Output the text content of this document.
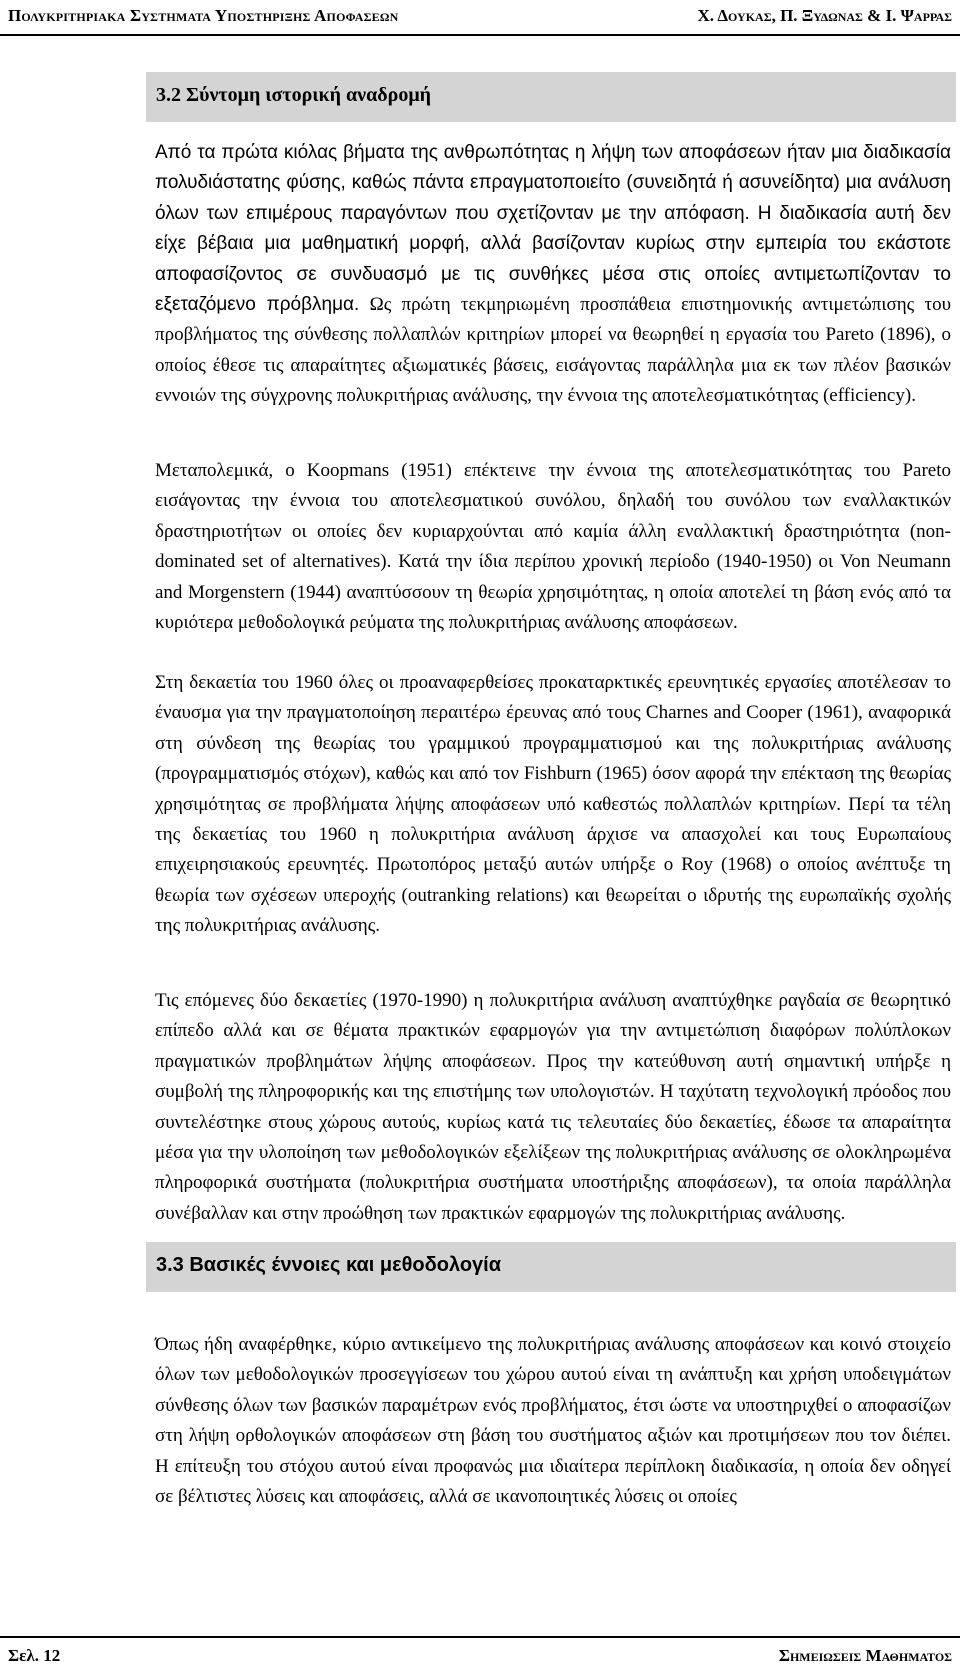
Πολυκριτηριακα Συστηματα Υποστηριξης Αποφασεων	Χ. Δουκας, Π. Ξυδωνας & Ι. Ψαρρας
3.2 Σύντομη ιστορική αναδρομή

Από τα πρώτα κιόλας βήματα της ανθρωπότητας η λήψη των αποφάσεων ήταν μια διαδικασία πολυδιάστατης φύσης, καθώς πάντα επραγματοποιείτο (συνειδητά ή ασυνείδητα) μια ανάλυση όλων των επιμέρους παραγόντων που σχετίζονταν με την απόφαση. Η διαδικασία αυτή δεν είχε βέβαια μια μαθηματική μορφή, αλλά βασίζονταν κυρίως στην εμπειρία του εκάστοτε αποφασίζοντος σε συνδυασμό με τις συνθήκες μέσα στις οποίες αντιμετωπίζονταν το εξεταζόμενο πρόβλημα. Ως πρώτη τεκμηριωμένη προσπάθεια επιστημονικής αντιμετώπισης του προβλήματος της σύνθεσης πολλαπλών κριτηρίων μπορεί να θεωρηθεί η εργασία του Pareto (1896), ο οποίος έθεσε τις απαραίτητες αξιωματικές βάσεις, εισάγοντας παράλληλα μια εκ των πλέον βασικών εννοιών της σύγχρονης πολυκριτήριας ανάλυσης, την έννοια της αποτελεσματικότητας (efficiency).

Μεταπολεμικά, ο Koopmans (1951) επέκτεινε την έννοια της αποτελεσματικότητας του Pareto εισάγοντας την έννοια του αποτελεσματικού συνόλου, δηλαδή του συνόλου των εναλλακτικών δραστηριοτήτων οι οποίες δεν κυριαρχούνται από καμία άλλη εναλλακτική δραστηριότητα (non-dominated set of alternatives). Κατά την ίδια περίπου χρονική περίοδο (1940-1950) οι Von Neumann and Morgenstern (1944) αναπτύσσουν τη θεωρία χρησιμότητας, η οποία αποτελεί τη βάση ενός από τα κυριότερα μεθοδολογικά ρεύματα της πολυκριτήριας ανάλυσης αποφάσεων.

Στη δεκαετία του 1960 όλες οι προαναφερθείσες προκαταρκτικές ερευνητικές εργασίες αποτέλεσαν το έναυσμα για την πραγματοποίηση περαιτέρω έρευνας από τους Charnes and Cooper (1961), αναφορικά στη σύνδεση της θεωρίας του γραμμικού προγραμματισμού και της πολυκριτήριας ανάλυσης (προγραμματισμός στόχων), καθώς και από τον Fishburn (1965) όσον αφορά την επέκταση της θεωρίας χρησιμότητας σε προβλήματα λήψης αποφάσεων υπό καθεστώς πολλαπλών κριτηρίων. Περί τα τέλη της δεκαετίας του 1960 η πολυκριτήρια ανάλυση άρχισε να απασχολεί και τους Ευρωπαίους επιχειρησιακούς ερευνητές. Πρωτοπόρος μεταξύ αυτών υπήρξε ο Roy (1968) ο οποίος ανέπτυξε τη θεωρία των σχέσεων υπεροχής (outranking relations) και θεωρείται ο ιδρυτής της ευρωπαϊκής σχολής της πολυκριτήριας ανάλυσης.

Τις επόμενες δύο δεκαετίες (1970-1990) η πολυκριτήρια ανάλυση αναπτύχθηκε ραγδαία σε θεωρητικό επίπεδο αλλά και σε θέματα πρακτικών εφαρμογών για την αντιμετώπιση διαφόρων πολύπλοκων πραγματικών προβλημάτων λήψης αποφάσεων. Προς την κατεύθυνση αυτή σημαντική υπήρξε η συμβολή της πληροφορικής και της επιστήμης των υπολογιστών. Η ταχύτατη τεχνολογική πρόοδος που συντελέστηκε στους χώρους αυτούς, κυρίως κατά τις τελευταίες δύο δεκαετίες, έδωσε τα απαραίτητα μέσα για την υλοποίηση των μεθοδολογικών εξελίξεων της πολυκριτήριας ανάλυσης σε ολοκληρωμένα πληροφορικά συστήματα (πολυκριτήρια συστήματα υποστήριξης αποφάσεων), τα οποία παράλληλα συνέβαλλαν και στην προώθηση των πρακτικών εφαρμογών της πολυκριτήριας ανάλυσης.

3.3 Βασικές έννοιες και μεθοδολογία

Όπως ήδη αναφέρθηκε, κύριο αντικείμενο της πολυκριτήριας ανάλυσης αποφάσεων και κοινό στοιχείο όλων των μεθοδολογικών προσεγγίσεων του χώρου αυτού είναι τη ανάπτυξη και χρήση υποδειγμάτων σύνθεσης όλων των βασικών παραμέτρων ενός προβλήματος, έτσι ώστε να υποστηριχθεί ο αποφασίζων στη λήψη ορθολογικών αποφάσεων στη βάση του συστήματος αξιών και προτιμήσεων που τον διέπει. Η επίτευξη του στόχου αυτού είναι προφανώς μια ιδιαίτερα περίπλοκη διαδικασία, η οποία δεν οδηγεί σε βέλτιστες λύσεις και αποφάσεις, αλλά σε ικανοποιητικές λύσεις οι οποίες

Σελ. 12	Σημειωσεις Μαθηματος
